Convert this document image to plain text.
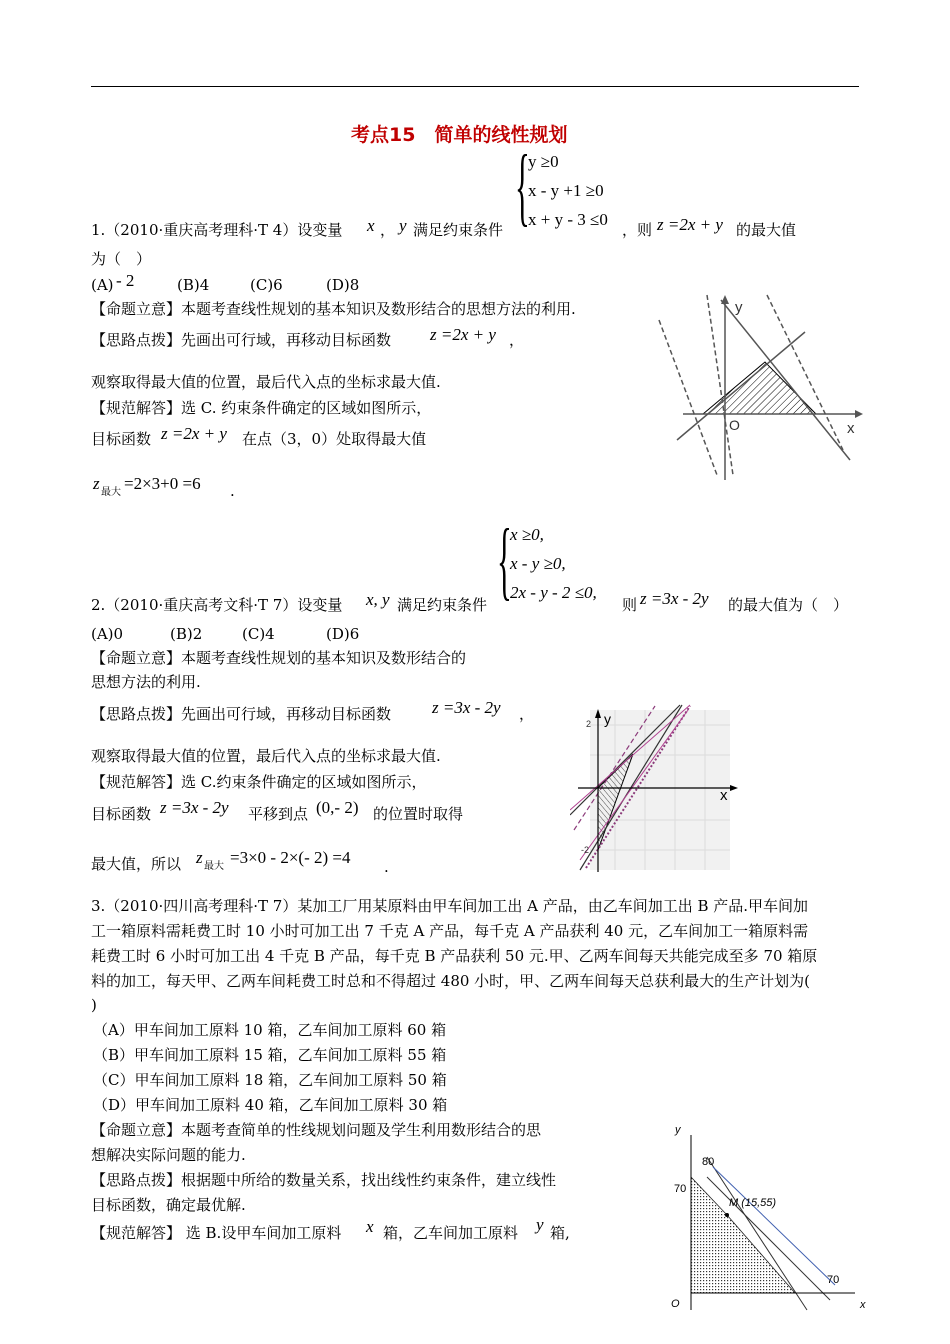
考点15　简单的线性规划
{
y ≥0
x - y +1 ≥0
x + y - 3 ≤0
1.（2010·重庆高考理科·T 4）设变量 x ， y 满足约束条件	，则 z =2x + y 的最大值
为（　）
(A) - 2	(B)4	(C)6	(D)8
【命题立意】本题考查线性规划的基本知识及数形结合的思想方法的利用.
【思路点拨】先画出可行域，再移动目标函数 z =2x + y ，
观察取得最大值的位置，最后代入点的坐标求最大值.
【规范解答】选 C. 约束条件确定的区域如图所示，
目标函数 z =2x + y 在点（3，0）处取得最大值
z 最大 =2×3+0 =6 .
y
x
O
{
x ≥0,
x - y ≥0,
2x - y - 2 ≤0,
2.（2010·重庆高考文科·T 7）设变量 x, y 满足约束条件	则 z =3x - 2y 的最大值为（　）
(A)0	(B)2	(C)4	(D)6
【命题立意】本题考查线性规划的基本知识及数形结合的
思想方法的利用.
【思路点拨】先画出可行域，再移动目标函数 z =3x - 2y ，
观察取得最大值的位置，最后代入点的坐标求最大值.
【规范解答】选 C.约束条件确定的区域如图所示，
目标函数 z =3x - 2y 平移到点 (0,- 2) 的位置时取得
最大值，所以 z 最大 =3×0 - 2×(- 2) =4 .
y
x
2
-2
3.（2010·四川高考理科·T 7）某加工厂用某原料由甲车间加工出 A 产品，由乙车间加工出 B 产品.甲车间加
工一箱原料需耗费工时 10 小时可加工出 7 千克 A 产品，每千克 A 产品获利 40 元，乙车间加工一箱原料需
耗费工时 6 小时可加工出 4 千克 B 产品，每千克 B 产品获利 50 元.甲、乙两车间每天共能完成至多 70 箱原
料的加工，每天甲、乙两车间耗费工时总和不得超过 480 小时，甲、乙两车间每天总获利最大的生产计划为(
)
（A）甲车间加工原料 10 箱，乙车间加工原料 60 箱
（B）甲车间加工原料 15 箱，乙车间加工原料 55 箱
（C）甲车间加工原料 18 箱，乙车间加工原料 50 箱
（D）甲车间加工原料 40 箱，乙车间加工原料 30 箱
【命题立意】本题考查简单的性线规划问题及学生利用数形结合的思
想解决实际问题的能力.
【思路点拨】根据题中所给的数量关系，找出线性约束条件，建立线性
目标函数，确定最优解.
【规范解答】 选 B.设甲车间加工原料 x 箱，乙车间加工原料 y 箱,
y
x
O
80
70
70
M (15,55)
